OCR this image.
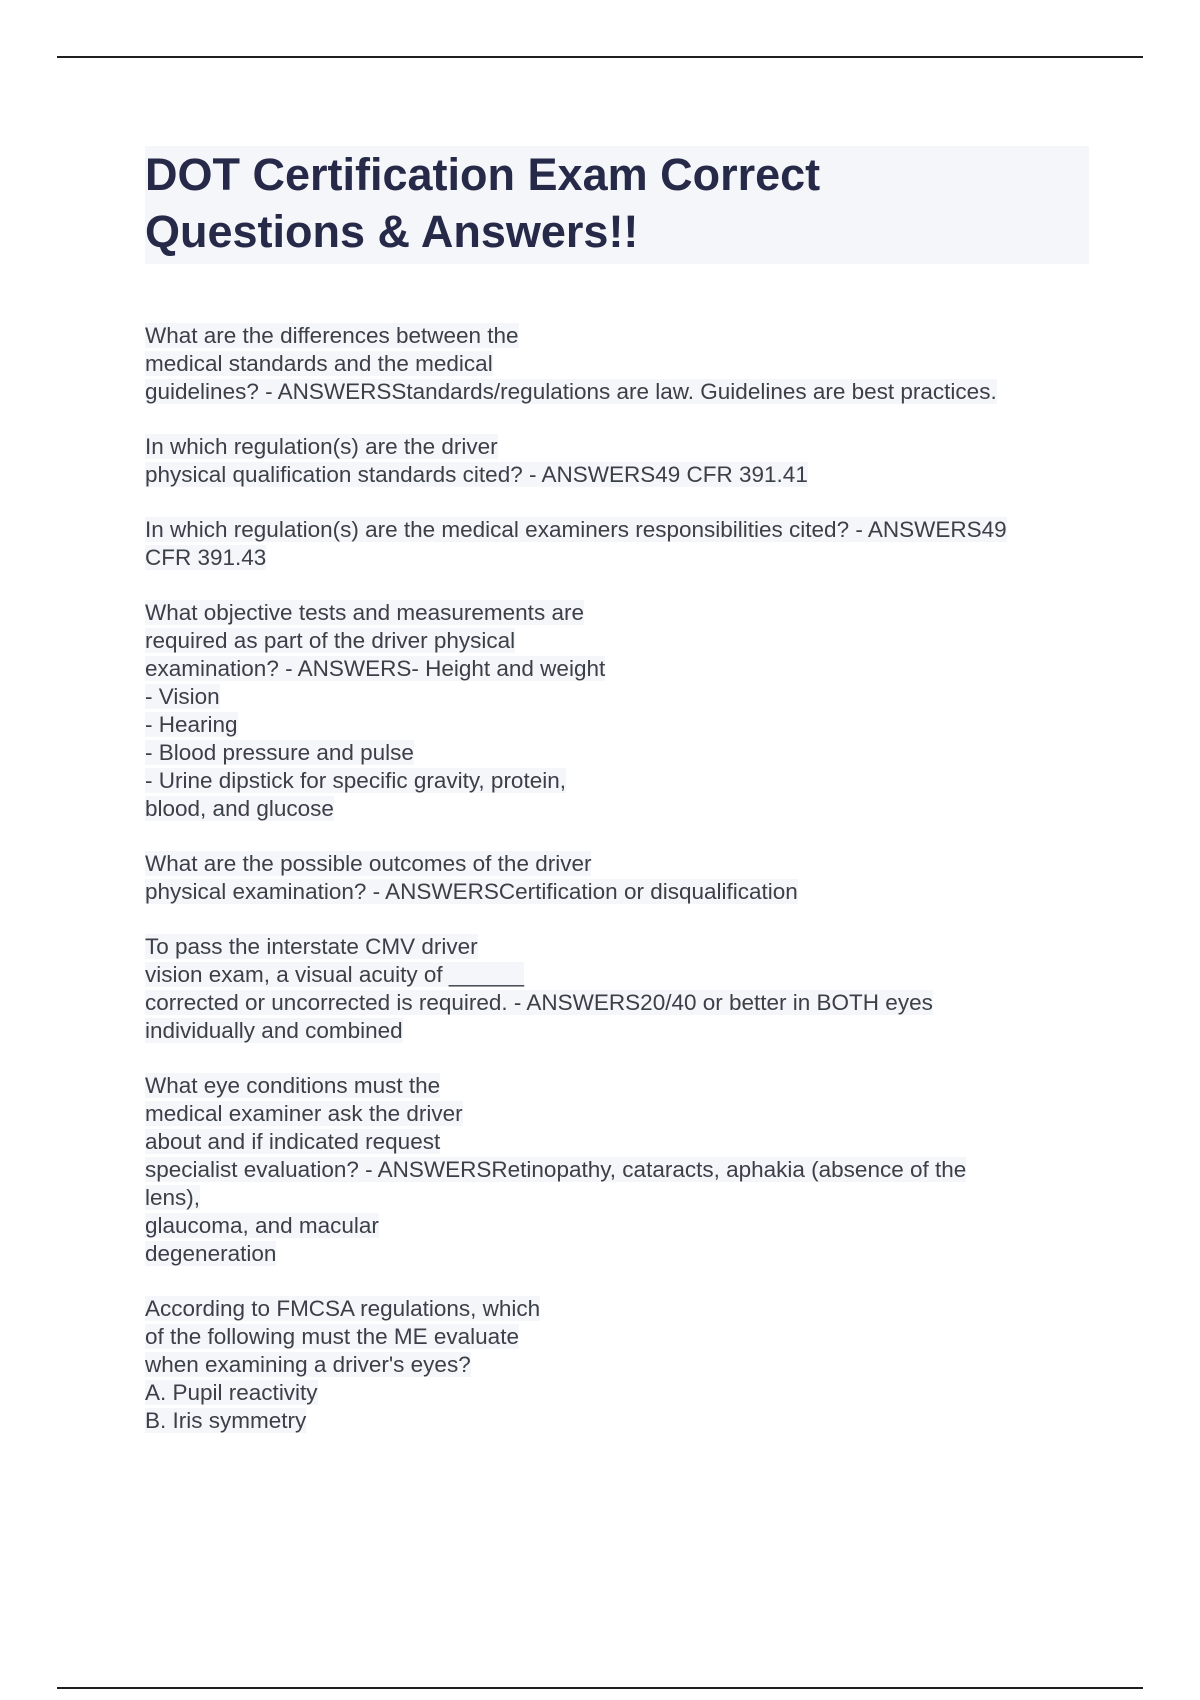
DOT Certification Exam Correct
Questions & Answers!!
What are the differences between the
medical standards and the medical
guidelines? - ANSWERSStandards/regulations are law. Guidelines are best practices.
In which regulation(s) are the driver
physical qualification standards cited? - ANSWERS49 CFR 391.41
In which regulation(s) are the medical examiners responsibilities cited? - ANSWERS49
CFR 391.43
What objective tests and measurements are
required as part of the driver physical
examination? - ANSWERS- Height and weight
- Vision
- Hearing
- Blood pressure and pulse
- Urine dipstick for specific gravity, protein,
blood, and glucose
What are the possible outcomes of the driver
physical examination? - ANSWERSCertification or disqualification
To pass the interstate CMV driver
vision exam, a visual acuity of ______
corrected or uncorrected is required. - ANSWERS20/40 or better in BOTH eyes
individually and combined
What eye conditions must the
medical examiner ask the driver
about and if indicated request
specialist evaluation? - ANSWERSRetinopathy, cataracts, aphakia (absence of the
lens),
glaucoma, and macular
degeneration
According to FMCSA regulations, which
of the following must the ME evaluate
when examining a driver's eyes?
A. Pupil reactivity
B. Iris symmetry
